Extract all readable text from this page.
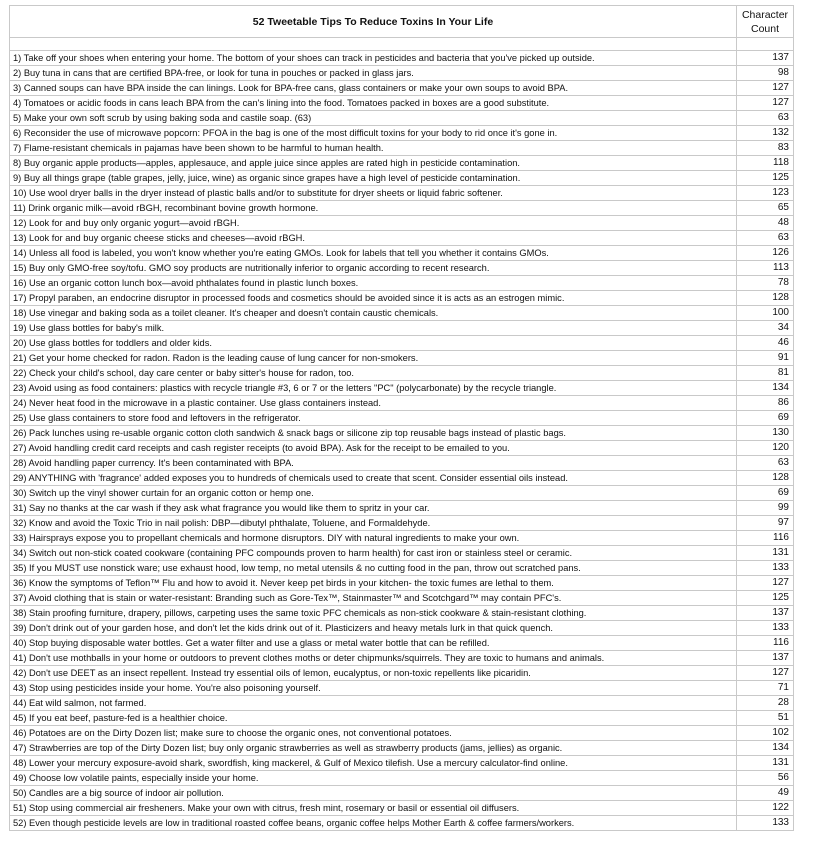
52 Tweetable Tips To Reduce Toxins In Your Life	Character
Count

1) Take off your shoes when entering your home. The bottom of your shoes can track in pesticides and bacteria that you've picked up outside.	137
2) Buy tuna in cans that are certified BPA-free, or look for tuna in pouches or packed in glass jars.	98
3) Canned soups can have BPA inside the can linings. Look for BPA-free cans, glass containers or make your own soups to avoid BPA.	127
4) Tomatoes or acidic foods in cans leach BPA from the can's lining into the food. Tomatoes packed in boxes are a good substitute.	127
5) Make your own soft scrub by using baking soda and castile soap. (63)	63
6) Reconsider the use of microwave popcorn: PFOA in the bag is one of the most difficult toxins for your body to rid once it's gone in.	132
7) Flame-resistant chemicals in pajamas have been shown to be harmful to human health.	83
8) Buy organic apple products—apples, applesauce, and apple juice since apples are rated high in pesticide contamination.	118
9) Buy all things grape (table grapes, jelly, juice, wine) as organic since grapes have a high level of pesticide contamination.	125
10) Use wool dryer balls in the dryer instead of plastic balls and/or to substitute for dryer sheets or liquid fabric softener.	123
11) Drink organic milk—avoid rBGH, recombinant bovine growth hormone.	65
12) Look for and buy only organic yogurt—avoid rBGH.	48
13) Look for and buy organic cheese sticks and cheeses—avoid rBGH.	63
14) Unless all food is labeled, you won't know whether you're eating GMOs. Look for labels that tell you whether it contains GMOs.	126
15) Buy only GMO-free soy/tofu. GMO soy products are nutritionally inferior to organic according to recent research.	113
16) Use an organic cotton lunch box—avoid phthalates found in plastic lunch boxes.	78
17) Propyl paraben, an endocrine disruptor in processed foods and cosmetics should be avoided since it is acts as an estrogen mimic.	128
18) Use vinegar and baking soda as a toilet cleaner. It's cheaper and doesn't contain caustic chemicals.	100
19) Use glass bottles for baby's milk.	34
20) Use glass bottles for toddlers and older kids.	46
21) Get your home checked for radon. Radon is the leading cause of lung cancer for non-smokers.	91
22) Check your child's school, day care center or baby sitter's house for radon, too.	81
23) Avoid using as food containers: plastics with recycle triangle #3, 6 or 7 or the letters "PC" (polycarbonate) by the recycle triangle.	134
24) Never heat food in the microwave in a plastic container. Use glass containers instead.	86
25) Use glass containers to store food and leftovers in the refrigerator.	69
26) Pack lunches using re-usable organic cotton cloth sandwich & snack bags or silicone zip top reusable bags instead of plastic bags.	130
27) Avoid handling credit card receipts and cash register receipts (to avoid BPA). Ask for the receipt to be emailed to you.	120
28) Avoid handling paper currency. It's been contaminated with BPA.	63
29) ANYTHING with 'fragrance' added exposes you to hundreds of chemicals used to create that scent. Consider essential oils instead.	128
30) Switch up the vinyl shower curtain for an organic cotton or hemp one.	69
31) Say no thanks at the car wash if they ask what fragrance you would like them to spritz in your car.	99
32) Know and avoid the Toxic Trio in nail polish: DBP—dibutyl phthalate, Toluene, and Formaldehyde.	97
33) Hairsprays expose you to propellant chemicals and hormone disruptors. DIY with natural ingredients to make your own.	116
34) Switch out non-stick coated cookware (containing PFC compounds proven to harm health) for cast iron or stainless steel or ceramic.	131
35) If you MUST use nonstick ware; use exhaust hood, low temp, no metal utensils & no cutting food in the pan, throw out scratched pans.	133
36) Know the symptoms of Teflon™ Flu and how to avoid it. Never keep pet birds in your kitchen- the toxic fumes are lethal to them.	127
37) Avoid clothing that is stain or water-resistant: Branding such as Gore-Tex™, Stainmaster™ and Scotchgard™ may contain PFC's.	125
38) Stain proofing furniture, drapery, pillows, carpeting uses the same toxic PFC chemicals as non-stick cookware & stain-resistant clothing.	137
39) Don't drink out of your garden hose, and don't let the kids drink out of it. Plasticizers and heavy metals lurk in that quick quench.	133
40) Stop buying disposable water bottles. Get a water filter and use a glass or metal water bottle that can be refilled.	116
41) Don't use mothballs in your home or outdoors to prevent clothes moths or deter chipmunks/squirrels. They are toxic to humans and animals.	137
42) Don't use DEET as an insect repellent. Instead try essential oils of lemon, eucalyptus, or non-toxic repellents like picaridin.	127
43) Stop using pesticides inside your home. You're also poisoning yourself.	71
44) Eat wild salmon, not farmed.	28
45) If you eat beef, pasture-fed is a healthier choice.	51
46) Potatoes are on the Dirty Dozen list; make sure to choose the organic ones, not conventional potatoes.	102
47) Strawberries are top of the Dirty Dozen list; buy only organic strawberries as well as strawberry products (jams, jellies) as organic.	134
48) Lower your mercury exposure-avoid shark, swordfish, king mackerel, & Gulf of Mexico tilefish. Use a mercury calculator-find online.	131
49) Choose low volatile paints, especially inside your home.	56
50) Candles are a big source of indoor air pollution.	49
51) Stop using commercial air fresheners. Make your own with citrus, fresh mint, rosemary or basil or essential oil diffusers.	122
52) Even though pesticide levels are low in traditional roasted coffee beans, organic coffee helps Mother Earth & coffee farmers/workers.	133
